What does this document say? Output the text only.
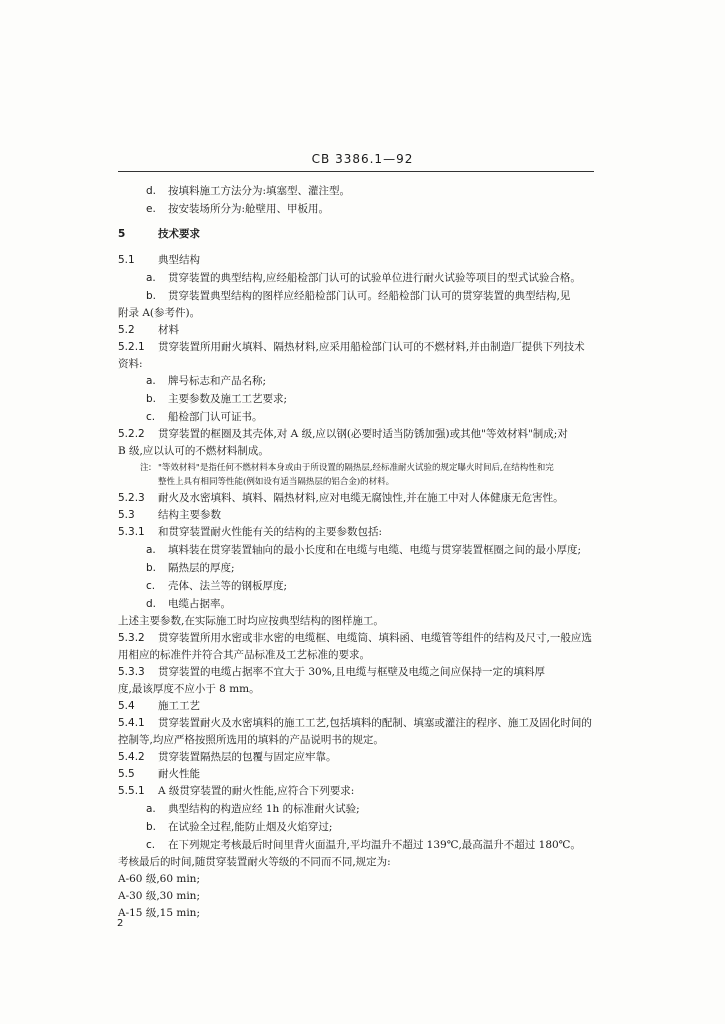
CB 3386.1—92
d. 按填料施工方法分为:填塞型、灌注型。
e. 按安装场所分为:舱壁用、甲板用。
5	技术要求
5.1 典型结构
a. 贯穿装置的典型结构,应经船检部门认可的试验单位进行耐火试验等项目的型式试验合格。
b. 贯穿装置典型结构的图样应经船检部门认可。经船检部门认可的贯穿装置的典型结构,见
附录 A(参考件)。
5.2 材料
5.2.1 贯穿装置所用耐火填料、隔热材料,应采用船检部门认可的不燃材料,并由制造厂提供下列技术
资料:
a. 牌号标志和产品名称;
b. 主要参数及施工工艺要求;
c. 船检部门认可证书。
5.2.2 贯穿装置的框圈及其壳体,对 A 级,应以钢(必要时适当防锈加强)或其他"等效材料"制成;对
B 级,应以认可的不燃材料制成。
注: "等效材料"是指任何不燃材料本身或由于所设置的隔热层,经标准耐火试验的规定曝火时间后,在结构性和完
整性上具有相同等性能(例如设有适当隔热层的铝合金)的材料。
5.2.3 耐火及水密填料、填料、隔热材料,应对电缆无腐蚀性,并在施工中对人体健康无危害性。
5.3 结构主要参数
5.3.1 和贯穿装置耐火性能有关的结构的主要参数包括:
a. 填料装在贯穿装置轴向的最小长度和在电缆与电缆、电缆与贯穿装置框圈之间的最小厚度;
b. 隔热层的厚度;
c. 壳体、法兰等的钢板厚度;
d. 电缆占据率。
上述主要参数,在实际施工时均应按典型结构的图样施工。
5.3.2 贯穿装置所用水密或非水密的电缆框、电缆筒、填料函、电缆管等组件的结构及尺寸,一般应选
用相应的标准件并符合其产品标准及工艺标准的要求。
5.3.3 贯穿装置的电缆占据率不宜大于 30%,且电缆与框壁及电缆之间应保持一定的填料厚
度,最该厚度不应小于 8 mm。
5.4 施工工艺
5.4.1 贯穿装置耐火及水密填料的施工工艺,包括填料的配制、填塞或灌注的程序、施工及固化时间的
控制等,均应严格按照所选用的填料的产品说明书的规定。
5.4.2 贯穿装置隔热层的包覆与固定应牢靠。
5.5 耐火性能
5.5.1 A 级贯穿装置的耐火性能,应符合下列要求:
a. 典型结构的构造应经 1h 的标准耐火试验;
b. 在试验全过程,能防止烟及火焰穿过;
c. 在下列规定考核最后时间里背火面温升,平均温升不超过 139℃,最高温升不超过 180℃。
考核最后的时间,随贯穿装置耐火等级的不同而不同,规定为:
A-60 级,60 min;
A-30 级,30 min;
A-15 级,15 min;
2
